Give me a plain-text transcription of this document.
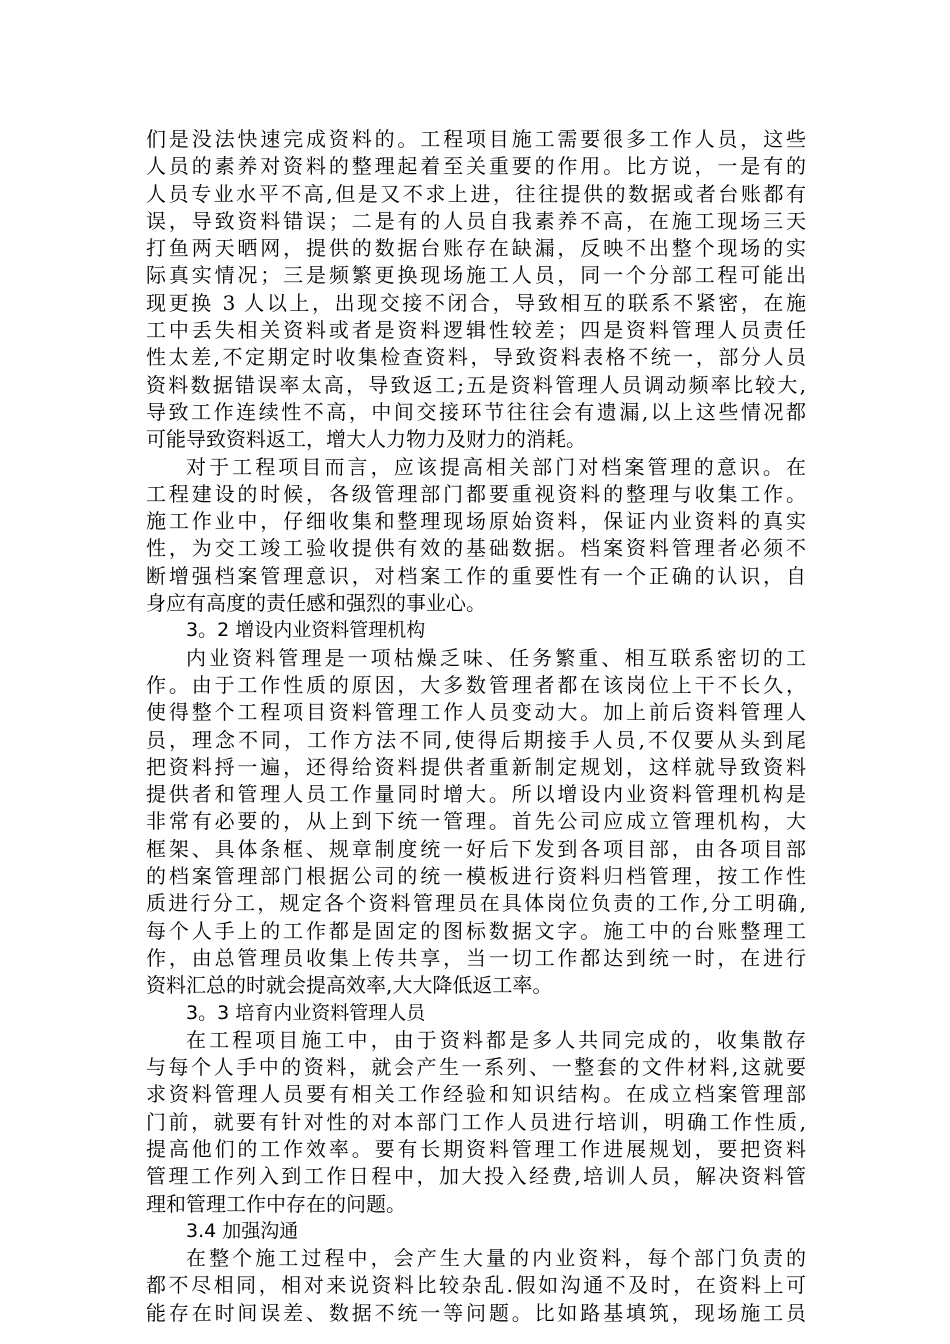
们是没法快速完成资料的。工程项目施工需要很多工作人员，这些
人员的素养对资料的整理起着至关重要的作用。比方说，一是有的
人员专业水平不高,但是又不求上进，往往提供的数据或者台账都有
误，导致资料错误；二是有的人员自我素养不高，在施工现场三天
打鱼两天晒网，提供的数据台账存在缺漏，反映不出整个现场的实
际真实情况；三是频繁更换现场施工人员，同一个分部工程可能出
现更换 3 人以上，出现交接不闭合，导致相互的联系不紧密，在施
工中丢失相关资料或者是资料逻辑性较差；四是资料管理人员责任
性太差,不定期定时收集检查资料，导致资料表格不统一，部分人员
资料数据错误率太高，导致返工;五是资料管理人员调动频率比较大,
导致工作连续性不高，中间交接环节往往会有遗漏,以上这些情况都
可能导致资料返工，增大人力物力及财力的消耗。
对于工程项目而言，应该提高相关部门对档案管理的意识。在
工程建设的时候，各级管理部门都要重视资料的整理与收集工作。
施工作业中，仔细收集和整理现场原始资料，保证内业资料的真实
性，为交工竣工验收提供有效的基础数据。档案资料管理者必须不
断增强档案管理意识，对档案工作的重要性有一个正确的认识，自
身应有高度的责任感和强烈的事业心。
3。2 增设内业资料管理机构
内业资料管理是一项枯燥乏味、任务繁重、相互联系密切的工
作。由于工作性质的原因，大多数管理者都在该岗位上干不长久，
使得整个工程项目资料管理工作人员变动大。加上前后资料管理人
员，理念不同，工作方法不同,使得后期接手人员,不仅要从头到尾
把资料捋一遍，还得给资料提供者重新制定规划，这样就导致资料
提供者和管理人员工作量同时增大。所以增设内业资料管理机构是
非常有必要的，从上到下统一管理。首先公司应成立管理机构，大
框架、具体条框、规章制度统一好后下发到各项目部，由各项目部
的档案管理部门根据公司的统一模板进行资料归档管理，按工作性
质进行分工，规定各个资料管理员在具体岗位负责的工作,分工明确,
每个人手上的工作都是固定的图标数据文字。施工中的台账整理工
作，由总管理员收集上传共享，当一切工作都达到统一时，在进行
资料汇总的时就会提高效率,大大降低返工率。
3。3 培育内业资料管理人员
在工程项目施工中，由于资料都是多人共同完成的，收集散存
与每个人手中的资料，就会产生一系列、一整套的文件材料,这就要
求资料管理人员要有相关工作经验和知识结构。在成立档案管理部
门前，就要有针对性的对本部门工作人员进行培训，明确工作性质,
提高他们的工作效率。要有长期资料管理工作进展规划，要把资料
管理工作列入到工作日程中，加大投入经费,培训人员，解决资料管
理和管理工作中存在的问题。
3.4 加强沟通
在整个施工过程中，会产生大量的内业资料，每个部门负责的
都不尽相同，相对来说资料比较杂乱.假如沟通不及时，在资料上可
能存在时间误差、数据不统一等问题。比如路基填筑，现场施工员
